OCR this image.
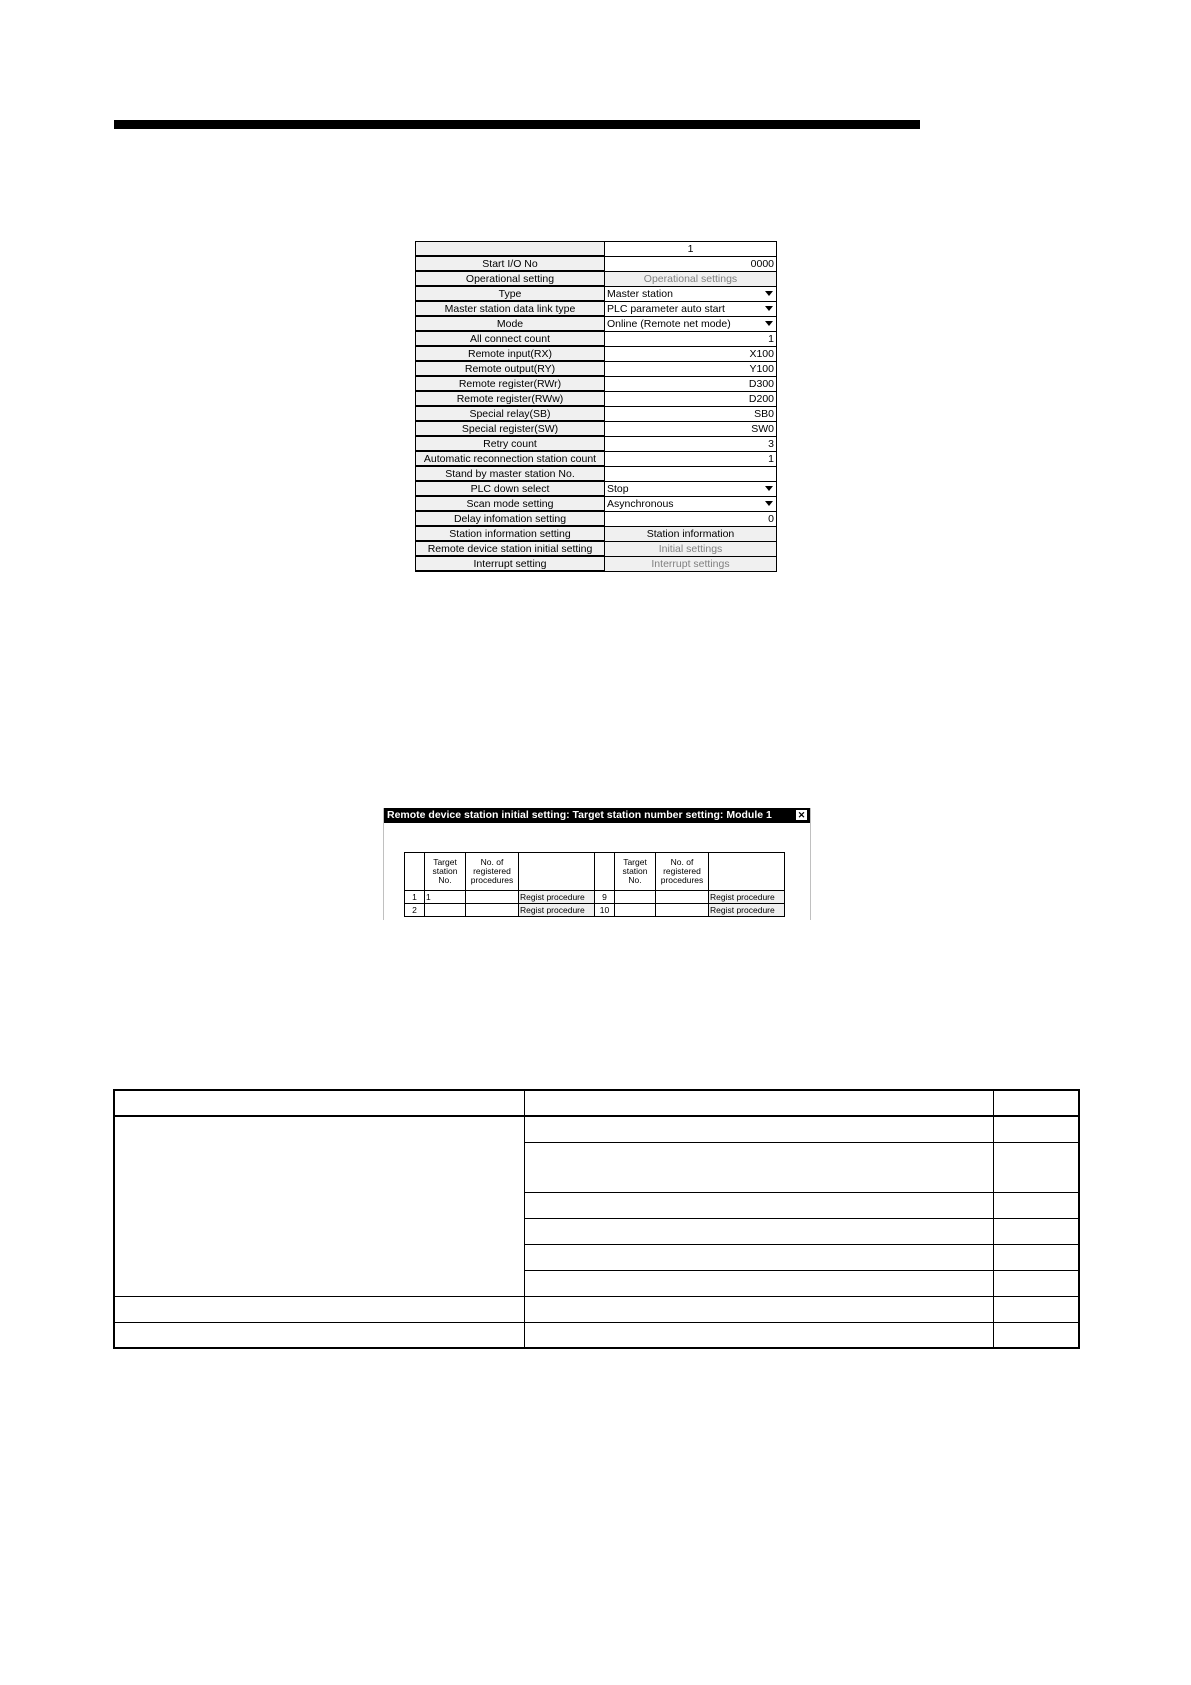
	1
Start I/O No	0000
Operational setting	Operational settings
Type	Master station

Master station data link type	PLC parameter auto start

Mode	Online (Remote net mode)

All connect count	1
Remote input(RX)	X100
Remote output(RY)	Y100
Remote register(RWr)	D300
Remote register(RWw)	D200
Special relay(SB)	SB0
Special register(SW)	SW0
Retry count	3
Automatic reconnection station count	1
Stand by master station No.	
PLC down select	Stop

Scan mode setting	Asynchronous

Delay infomation setting	0
Station information setting	Station information
Remote device station initial setting	Initial settings
Interrupt setting	Interrupt settings
Remote device station initial setting: Target station number setting: Module 1	✕
	Target station No.	No. of registered procedures			Target station No.	No. of registered procedures	
1	1		Regist procedure	9			Regist procedure
2			Regist procedure	10			Regist procedure
